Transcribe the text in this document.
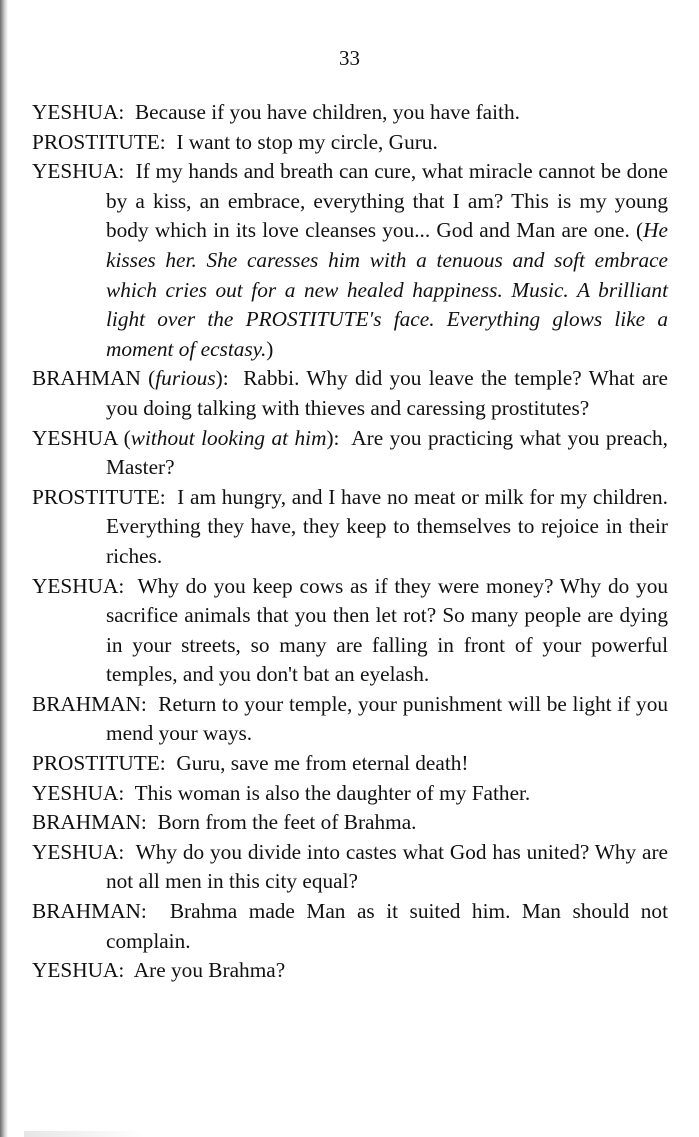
33

YESHUA: Because if you have children, you have faith.

PROSTITUTE: I want to stop my circle, Guru.

YESHUA: If my hands and breath can cure, what miracle cannot be done by a kiss, an embrace, everything that I am? This is my young body which in its love cleanses you... God and Man are one. (He kisses her. She caresses him with a tenuous and soft embrace which cries out for a new healed happiness. Music. A brilliant light over the PROSTITUTE's face. Everything glows like a moment of ecstasy.)

BRAHMAN (furious): Rabbi. Why did you leave the temple? What are you doing talking with thieves and caressing prostitutes?

YESHUA (without looking at him): Are you practicing what you preach, Master?

PROSTITUTE: I am hungry, and I have no meat or milk for my children. Everything they have, they keep to themselves to rejoice in their riches.

YESHUA: Why do you keep cows as if they were money? Why do you sacrifice animals that you then let rot? So many people are dying in your streets, so many are falling in front of your powerful temples, and you don't bat an eyelash.

BRAHMAN: Return to your temple, your punishment will be light if you mend your ways.

PROSTITUTE: Guru, save me from eternal death!

YESHUA: This woman is also the daughter of my Father.

BRAHMAN: Born from the feet of Brahma.

YESHUA: Why do you divide into castes what God has united? Why are not all men in this city equal?

BRAHMAN: Brahma made Man as it suited him. Man should not complain.

YESHUA: Are you Brahma?
